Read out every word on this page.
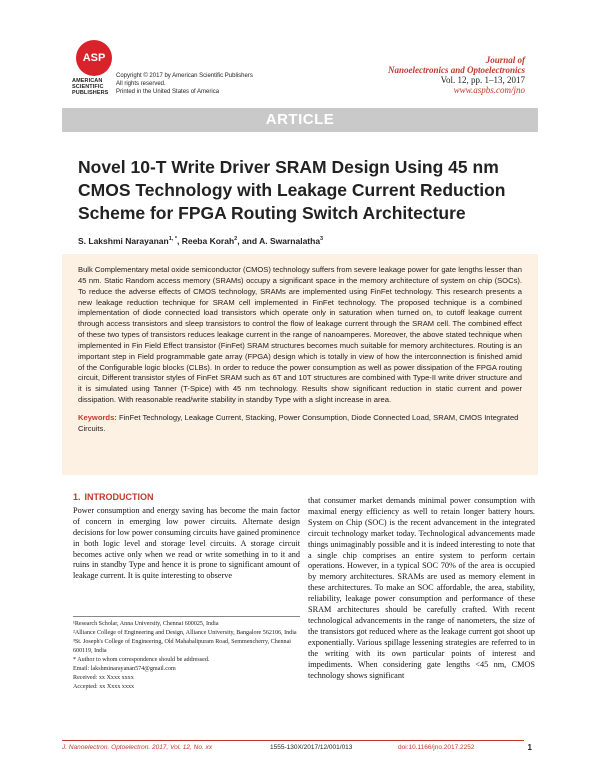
ASP
AMERICAN
SCIENTIFIC
PUBLISHERS
Copyright © 2017 by American Scientific Publishers
All rights reserved.
Printed in the United States of America
Journal of
Nanoelectronics and Optoelectronics
Vol. 12, pp. 1–13, 2017
www.aspbs.com/jno
ARTICLE
Novel 10-T Write Driver SRAM Design Using 45 nm CMOS Technology with Leakage Current Reduction Scheme for FPGA Routing Switch Architecture
S. Lakshmi Narayanan$^{1, *}$, Reeba Korah$^2$, and A. Swarnalatha$^3$
Bulk Complementary metal oxide semiconductor (CMOS) technology suffers from severe leakage power for gate lengths lesser than 45 nm. Static Random access memory (SRAMs) occupy a significant space in the memory architecture of system on chip (SOCs). To reduce the adverse effects of CMOS technology, SRAMs are implemented using FinFet technology. This research presents a new leakage reduction technique for SRAM cell implemented in FinFet technology. The proposed technique is a combined implementation of diode connected load transistors which operate only in saturation when turned on, to cutoff leakage current through access transistors and sleep transistors to control the flow of leakage current through the SRAM cell. The combined effect of these two types of transistors reduces leakage current in the range of nanoamperes. Moreover, the above stated technique when implemented in Fin Field Effect transistor (FinFet) SRAM structures becomes much suitable for memory architectures. Routing is an important step in Field programmable gate array (FPGA) design which is totally in view of how the interconnection is finished amid of the Configurable logic blocks (CLBs). In order to reduce the power consumption as well as power dissipation of the FPGA routing circuit, Different transistor styles of FinFet SRAM such as 6T and 10T structures are combined with Type-II write driver structure and it is simulated using Tanner (T-Spice) with 45 nm technology. Results show significant reduction in static current and power dissipation. With reasonable read/write stability in standby Type with a slight increase in area.
Keywords: FinFet Technology, Leakage Current, Stacking, Power Consumption, Diode Connected Load, SRAM, CMOS Integrated Circuits.
1. INTRODUCTION
Power consumption and energy saving has become the main factor of concern in emerging low power circuits. Alternate design decisions for low power consuming circuits have gained prominence in both logic level and storage level circuits. A storage circuit becomes active only when we read or write something in to it and ruins in standby Type and hence it is prone to significant amount of leakage current. It is quite interesting to observe
¹Research Scholar, Anna University, Chennai 600025, India
²Alliance College of Engineering and Design, Alliance University, Bangalore 562106, India
³St. Joseph's College of Engineering, Old Mahabalipuram Road, Semmencherry, Chennai 600119, India
* Author to whom correspondence should be addressed.
Email: lakshminarayanan574@gmail.com
Received: xx Xxxx xxxx
Accepted: xx Xxxx xxxx
that consumer market demands minimal power consumption with maximal energy efficiency as well to retain longer battery hours. System on Chip (SOC) is the recent advancement in the integrated circuit technology market today. Technological advancements made things unimaginably possible and it is indeed interesting to note that a single chip comprises an entire system to perform certain operations. However, in a typical SOC 70% of the area is occupied by memory architectures. SRAMs are used as memory element in these architectures. To make an SOC affordable, the area, stability, reliability, leakage power consumption and performance of these SRAM architectures should be carefully crafted. With recent technological advancements in the range of nanometers, the size of the transistors got reduced where as the leakage current got shoot up exponentially. Various spillage lessening strategies are referred to in the writing with its own particular points of interest and impediments. When considering gate lengths <45 nm, CMOS technology shows significant
J. Nanoelectron. Optoelectron. 2017, Vol. 12, No. xx	1555-130X/2017/12/001/013	doi:10.1166/jno.2017.2252	1
